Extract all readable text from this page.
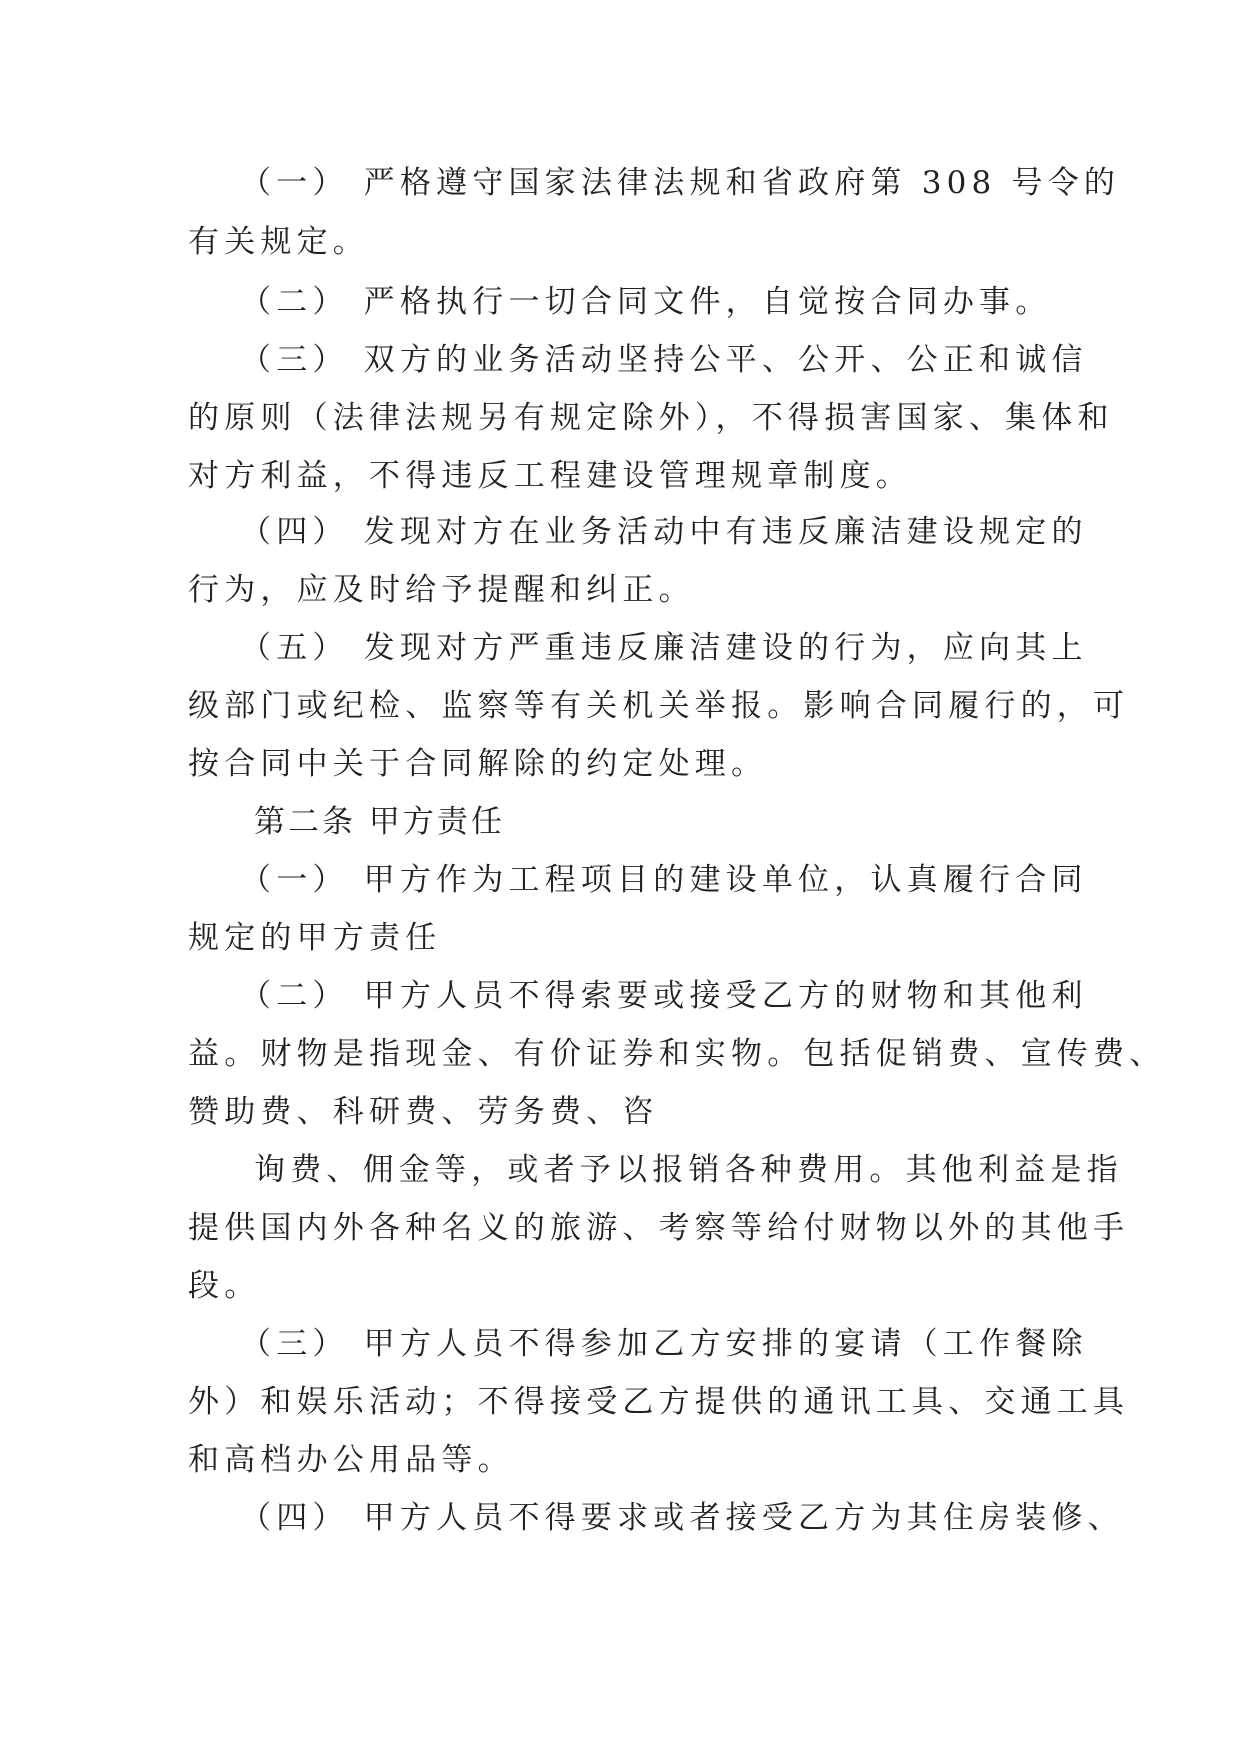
（一） 严格遵守国家法律法规和省政府第 308 号令的
有关规定。
（二） 严格执行一切合同文件，自觉按合同办事。
（三） 双方的业务活动坚持公平、公开、公正和诚信
的原则（法律法规另有规定除外），不得损害国家、集体和
对方利益，不得违反工程建设管理规章制度。
（四） 发现对方在业务活动中有违反廉洁建设规定的
行为，应及时给予提醒和纠正。
（五） 发现对方严重违反廉洁建设的行为，应向其上
级部门或纪检、监察等有关机关举报。影响合同履行的，可
按合同中关于合同解除的约定处理。
第二条 甲方责任
（一） 甲方作为工程项目的建设单位，认真履行合同
规定的甲方责任
（二） 甲方人员不得索要或接受乙方的财物和其他利
益。财物是指现金、有价证券和实物。包括促销费、宣传费、
赞助费、科研费、劳务费、咨
询费、佣金等，或者予以报销各种费用。其他利益是指
提供国内外各种名义的旅游、考察等给付财物以外的其他手
段。
（三） 甲方人员不得参加乙方安排的宴请（工作餐除
外）和娱乐活动；不得接受乙方提供的通讯工具、交通工具
和高档办公用品等。
（四） 甲方人员不得要求或者接受乙方为其住房装修、
